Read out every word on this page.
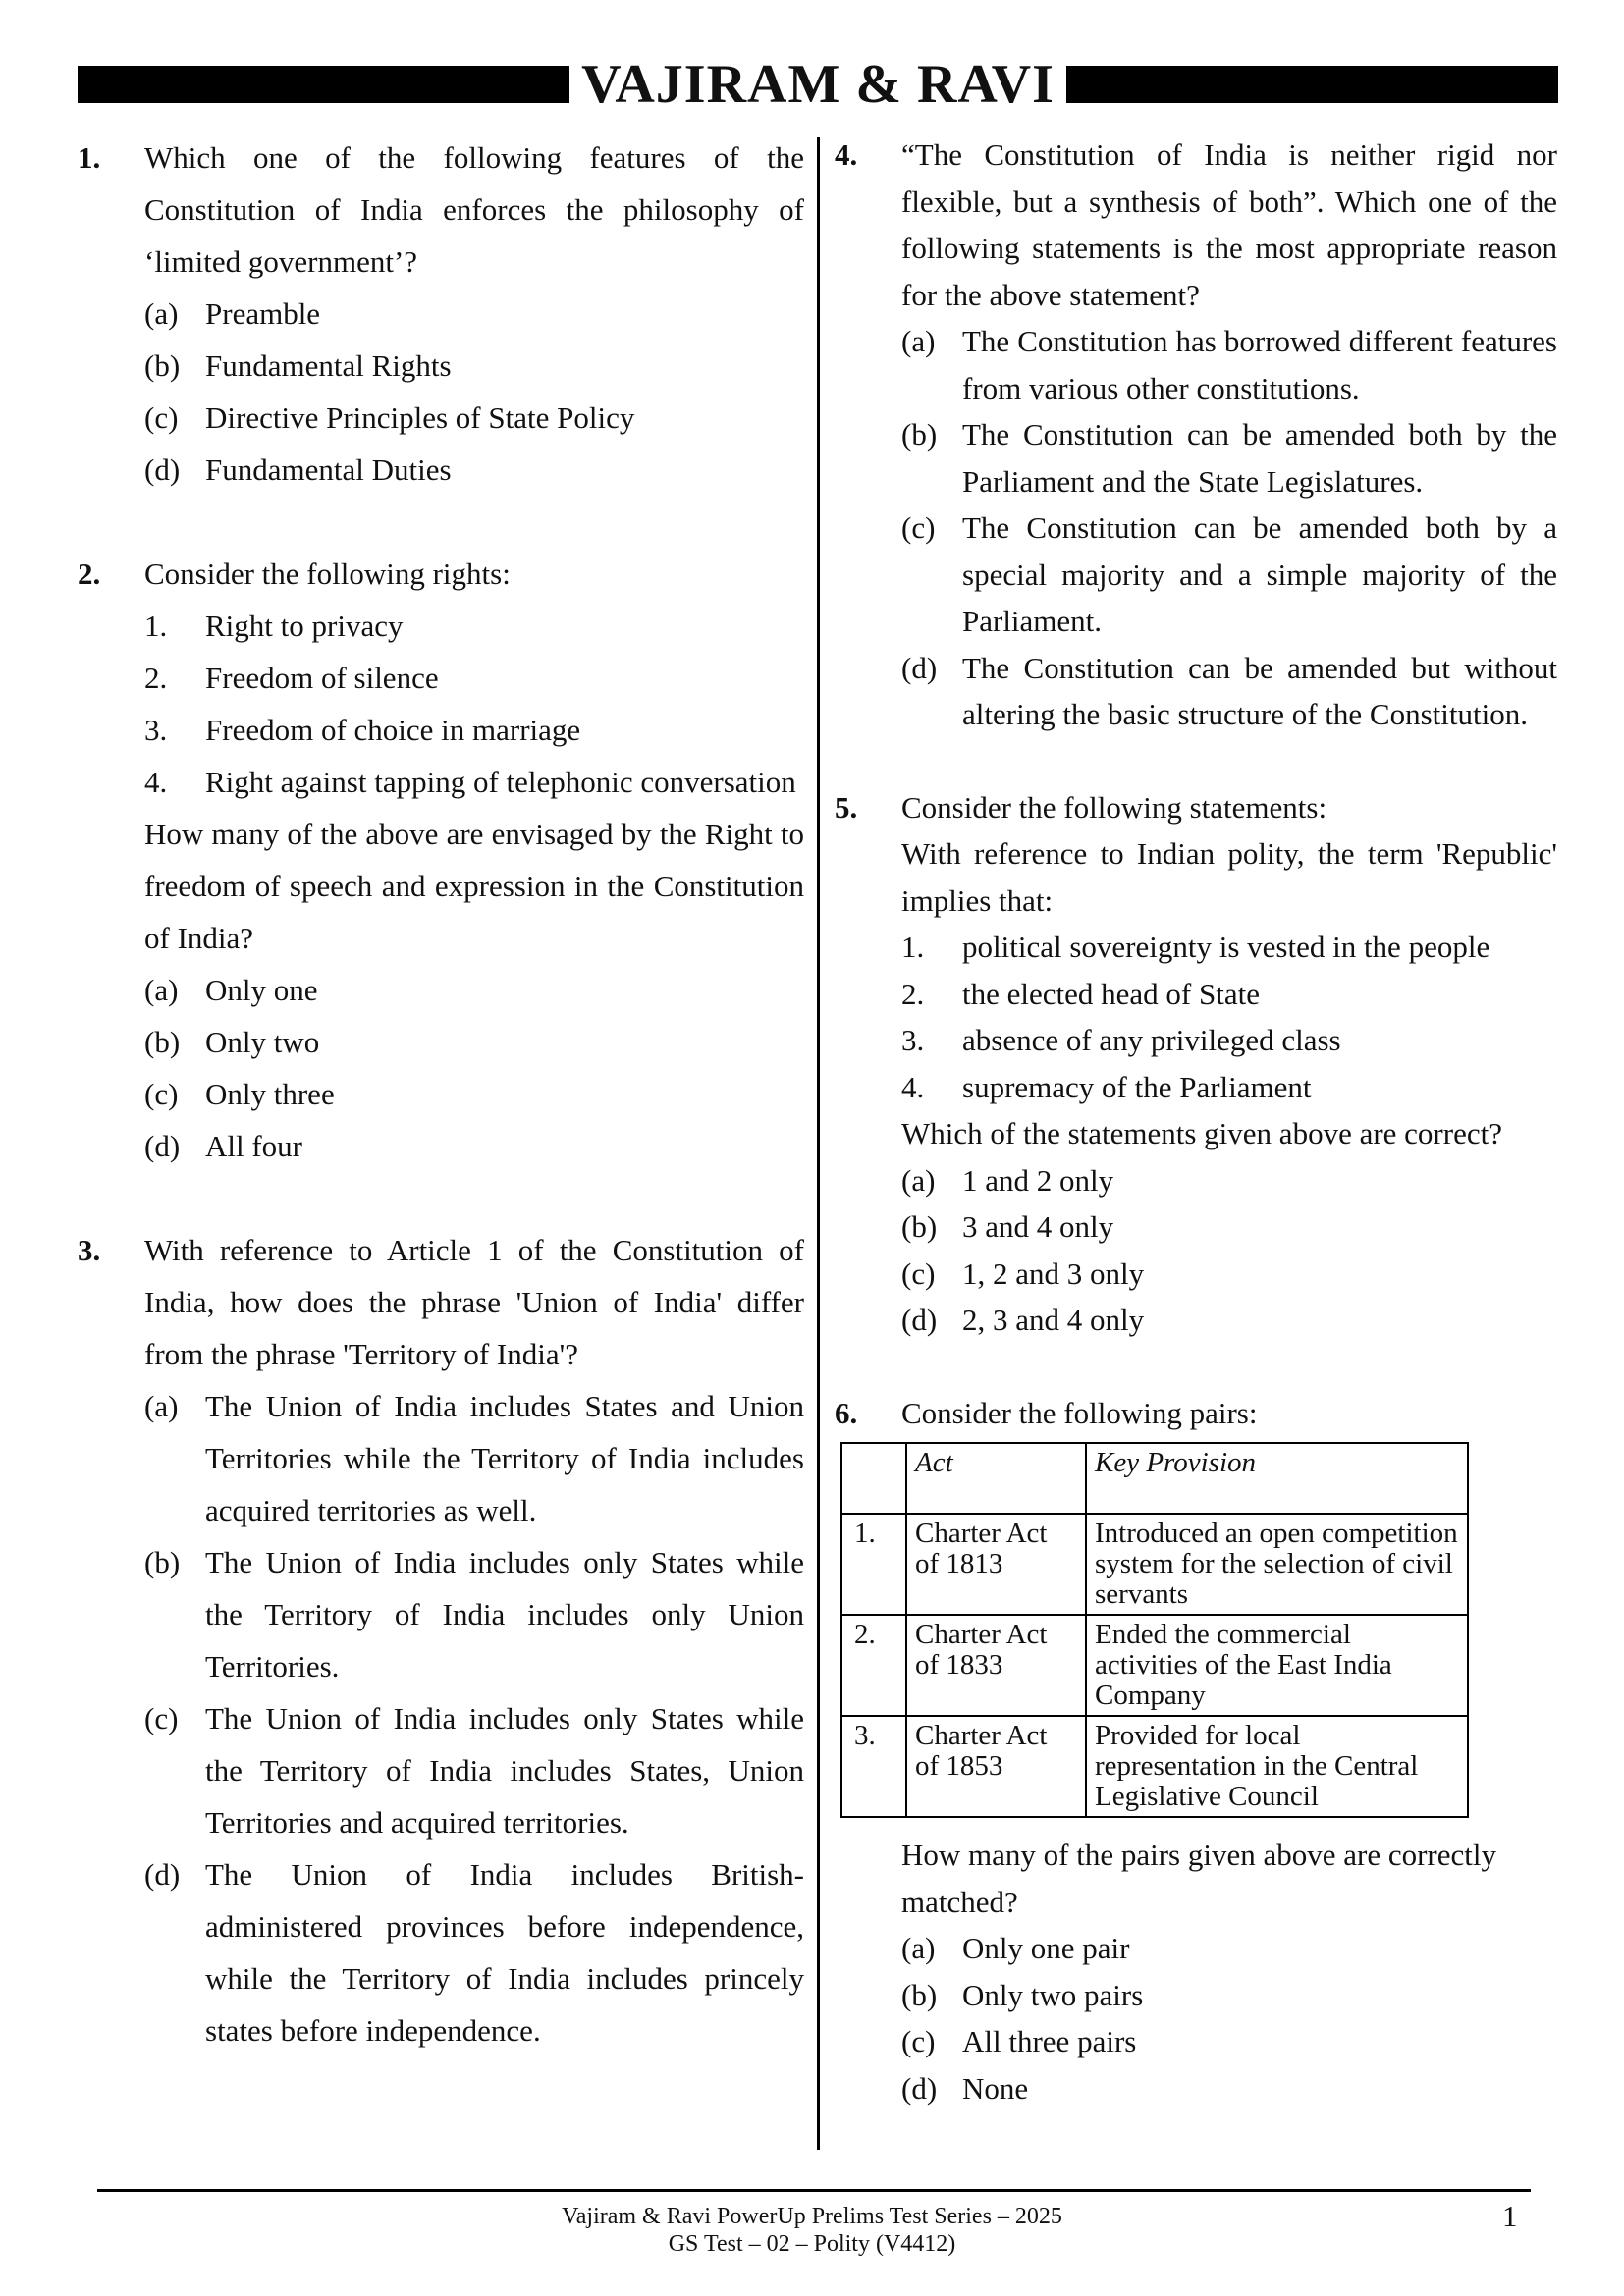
VAJIRAM & RAVI
1.	Which one of the following features of the Constitution of India enforces the philosophy of ‘limited government’?
(a) Preamble
(b) Fundamental Rights
(c) Directive Principles of State Policy
(d) Fundamental Duties
2.	Consider the following rights:
1.	Right to privacy
2.	Freedom of silence
3.	Freedom of choice in marriage
4.	Right against tapping of telephonic conversation
How many of the above are envisaged by the Right to freedom of speech and expression in the Constitution of India?
(a) Only one
(b) Only two
(c) Only three
(d) All four
3.	With reference to Article 1 of the Constitution of India, how does the phrase 'Union of India' differ from the phrase 'Territory of India'?
(a) The Union of India includes States and Union Territories while the Territory of India includes acquired territories as well.
(b) The Union of India includes only States while the Territory of India includes only Union Territories.
(c) The Union of India includes only States while the Territory of India includes States, Union Territories and acquired territories.
(d) The Union of India includes British-administered provinces before independence, while the Territory of India includes princely states before independence.
4.	“The Constitution of India is neither rigid nor flexible, but a synthesis of both”. Which one of the following statements is the most appropriate reason for the above statement?
(a) The Constitution has borrowed different features from various other constitutions.
(b) The Constitution can be amended both by the Parliament and the State Legislatures.
(c) The Constitution can be amended both by a special majority and a simple majority of the Parliament.
(d) The Constitution can be amended but without altering the basic structure of the Constitution.
5.	Consider the following statements:
With reference to Indian polity, the term 'Republic' implies that:
1.	political sovereignty is vested in the people
2.	the elected head of State
3.	absence of any privileged class
4.	supremacy of the Parliament
Which of the statements given above are correct?
(a) 1 and 2 only
(b) 3 and 4 only
(c) 1, 2 and 3 only
(d) 2, 3 and 4 only
6.	Consider the following pairs:
	Act	Key Provision
1.	Charter Act of 1813	Introduced an open competition system for the selection of civil servants
2.	Charter Act of 1833	Ended the commercial activities of the East India Company
3.	Charter Act of 1853	Provided for local representation in the Central Legislative Council
How many of the pairs given above are correctly matched?
(a) Only one pair
(b) Only two pairs
(c) All three pairs
(d) None
Vajiram & Ravi PowerUp Prelims Test Series – 2025
GS Test – 02 – Polity (V4412)
1
